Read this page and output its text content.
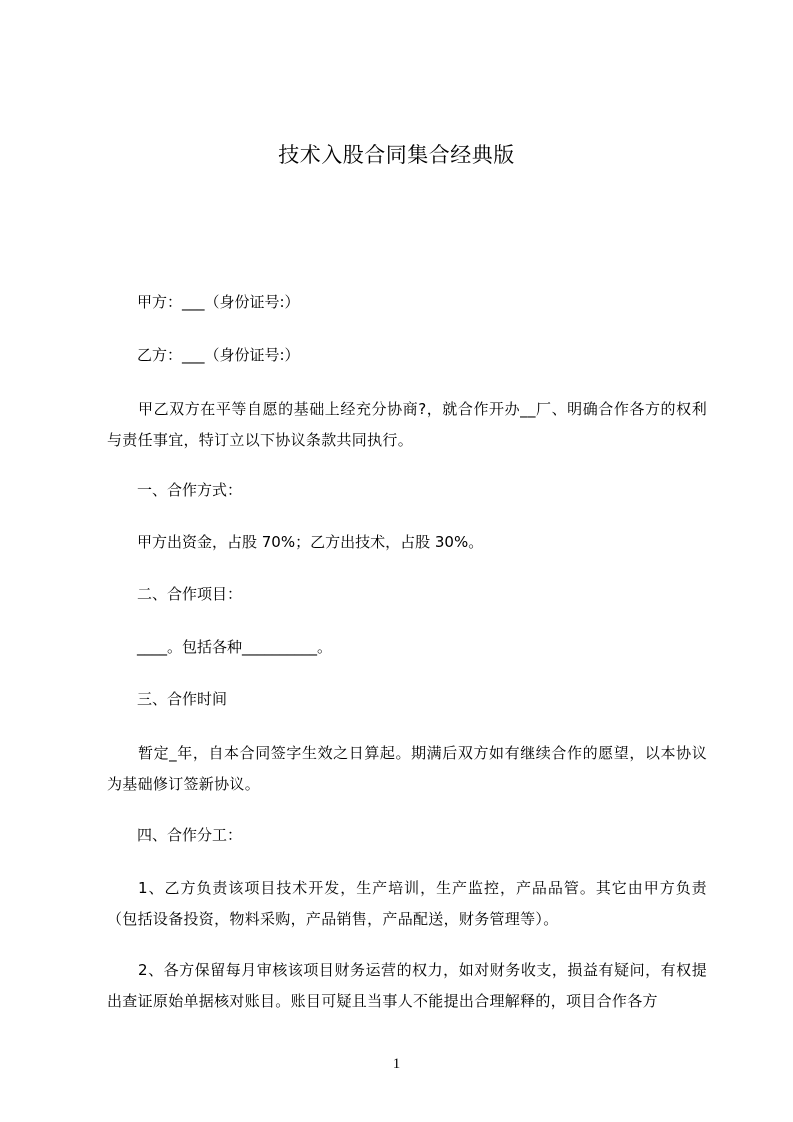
技术入股合同集合经典版
甲方：___（身份证号:）
乙方：___（身份证号:）
甲乙双方在平等自愿的基础上经充分协商?，就合作开办__厂、明确合作各方的权利与责任事宜，特订立以下协议条款共同执行。
一、合作方式：
甲方出资金，占股 70%；乙方出技术，占股 30%。
二、合作项目：
____。包括各种__________。
三、合作时间
暂定_年，自本合同签字生效之日算起。期满后双方如有继续合作的愿望，以本协议为基础修订签新协议。
四、合作分工：
1、乙方负责该项目技术开发，生产培训，生产监控，产品品管。其它由甲方负责（包括设备投资，物料采购，产品销售，产品配送，财务管理等）。
2、各方保留每月审核该项目财务运营的权力，如对财务收支，损益有疑问，有权提出查证原始单据核对账目。账目可疑且当事人不能提出合理解释的，项目合作各方
1
